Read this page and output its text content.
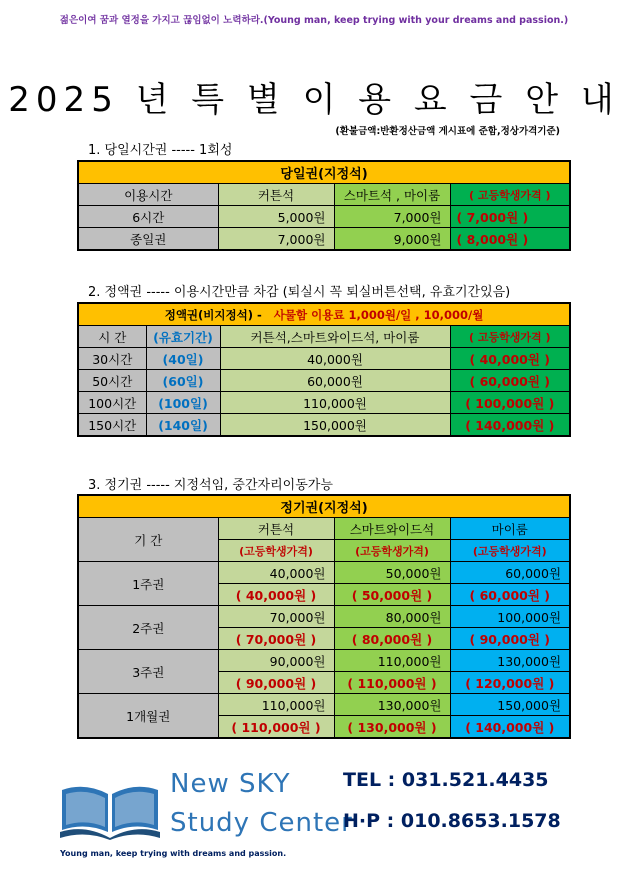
젊은이여 꿈과 열정을 가지고 끊임없이 노력하라.(Young man, keep trying with your dreams and passion.)
2025 년 특 별 이 용 요 금 안 내
(환불금액:반환정산금액 게시표에 준함,정상가격기준)
1. 당일시간권 ----- 1회성
당일권(지정석)			
이용시간	커튼석	스마트석 , 마이룸	( 고등학생가격 )
6시간	5,000원	7,000원	( 7,000원 )
종일권	7,000원	9,000원	( 8,000원 )
2. 정액권 ----- 이용시간만큼 차감 (퇴실시 꼭 퇴실버튼선택, 유효기간있음)
정액권(비지정석) - 사물함 이용료 1,000원/일 , 10,000/월			
시 간	(유효기간)	커튼석,스마트와이드석, 마이룸	( 고등학생가격 )
30시간	(40일)	40,000원	( 40,000원 )
50시간	(60일)	60,000원	( 60,000원 )
100시간	(100일)	110,000원	( 100,000원 )
150시간	(140일)	150,000원	( 140,000원 )
3. 정기권 ----- 지정석임, 중간자리이동가능
정기권(지정석)			
기 간	커튼석	스마트와이드석	마이룸
	(고등학생가격)	(고등학생가격)	(고등학생가격)
1주권	40,000원	50,000원	60,000원
	( 40,000원 )	( 50,000원 )	( 60,000원 )
2주권	70,000원	80,000원	100,000원
	( 70,000원 )	( 80,000원 )	( 90,000원 )
3주권	90,000원	110,000원	130,000원
	( 90,000원 )	( 110,000원 )	( 120,000원 )
1개월권	110,000원	130,000원	150,000원
	( 110,000원 )	( 130,000원 )	( 140,000원 )
New SKY
Study Center
TEL : 031.521.4435
H·P : 010.8653.1578
Young man, keep trying with dreams and passion.
